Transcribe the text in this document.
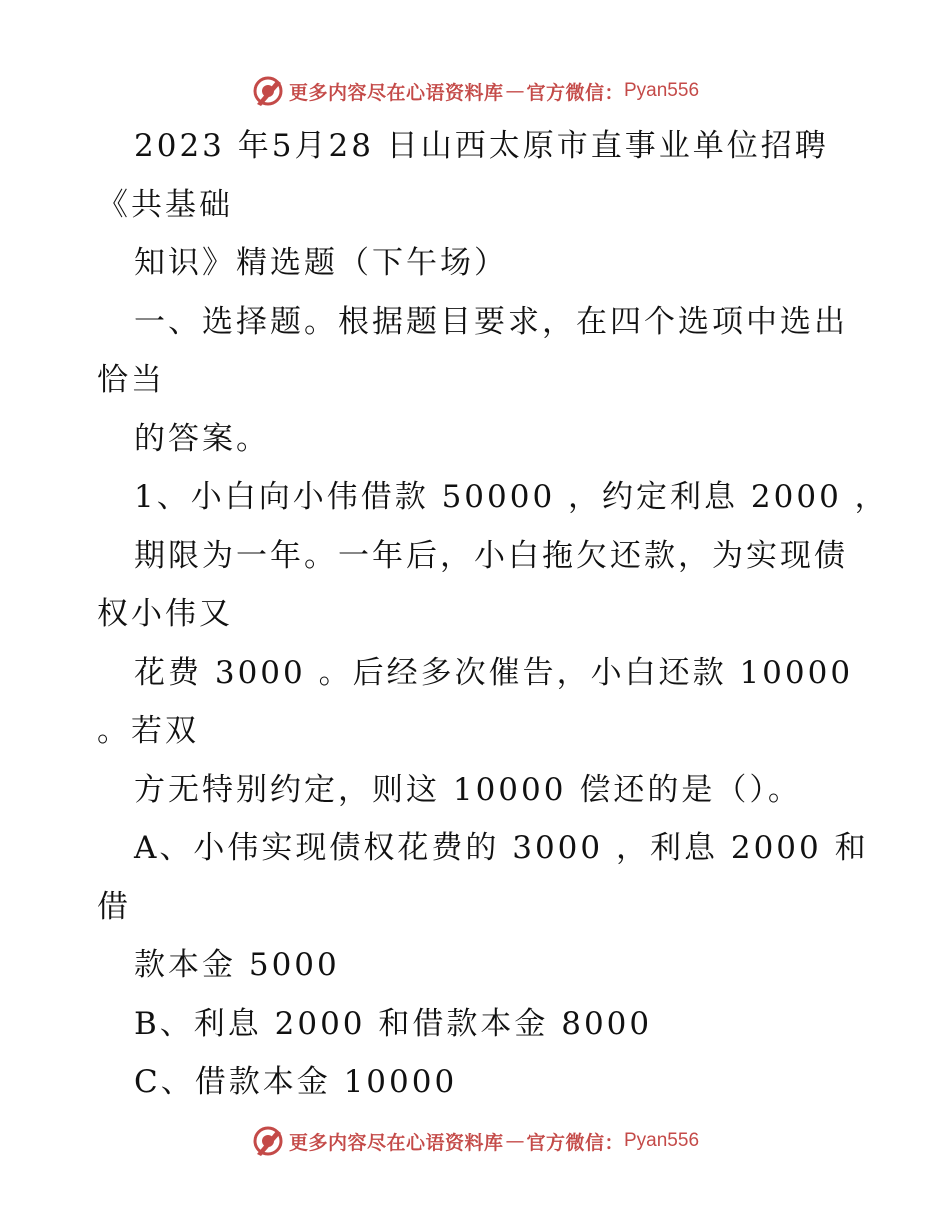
更多内容尽在心语资料库 — 官方微信： Pyan556
2023 年5月28 日山西太原市直事业单位招聘
《共基础
知识》精选题（下午场）
一、选择题。根据题目要求，在四个选项中选出
恰当
的答案。
1、小白向小伟借款 50000 ，约定利息 2000 ，
期限为一年。一年后，小白拖欠还款，为实现债
权小伟又
花费 3000 。后经多次催告，小白还款 10000
。若双
方无特别约定，则这 10000 偿还的是（）。
A、小伟实现债权花费的 3000 ，利息 2000 和
借
款本金 5000
B、利息 2000 和借款本金 8000
C、借款本金 10000
更多内容尽在心语资料库 — 官方微信： Pyan556
